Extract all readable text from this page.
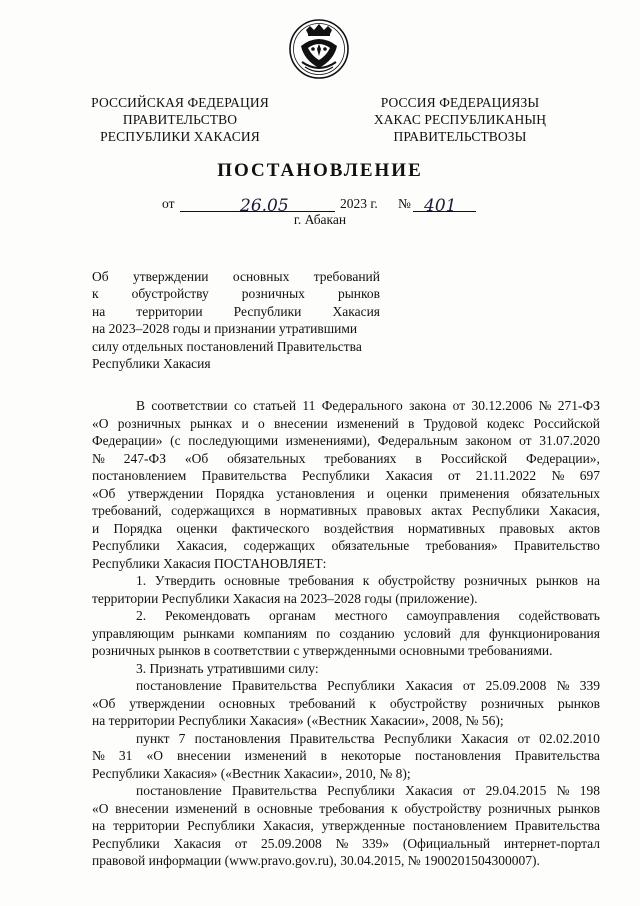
РОССИЙСКАЯ ФЕДЕРАЦИЯ
ПРАВИТЕЛЬСТВО
РЕСПУБЛИКИ ХАКАСИЯ
РОССИЯ ФЕДЕРАЦИЯЗЫ
ХАКАС РЕСПУБЛИКАНЫҢ
ПРАВИТЕЛЬСТВОЗЫ
ПОСТАНОВЛЕНИЕ
от	26.05	2023 г. № 401
г. Абакан
Об утверждении основных требований
к обустройству розничных рынков
на территории Республики Хакасия
на 2023–2028 годы и признании утратившими
силу отдельных постановлений Правительства
Республики Хакасия
В соответствии со статьей 11 Федерального закона от 30.12.2006 № 271-ФЗ
«О розничных рынках и о внесении изменений в Трудовой кодекс Российской
Федерации» (с последующими изменениями), Федеральным законом от 31.07.2020
№ 247-ФЗ «Об обязательных требованиях в Российской Федерации»,
постановлением Правительства Республики Хакасия от 21.11.2022 № 697
«Об утверждении Порядка установления и оценки применения обязательных
требований, содержащихся в нормативных правовых актах Республики Хакасия,
и Порядка оценки фактического воздействия нормативных правовых актов
Республики Хакасия, содержащих обязательные требования» Правительство
Республики Хакасия ПОСТАНОВЛЯЕТ:
1. Утвердить основные требования к обустройству розничных рынков на
территории Республики Хакасия на 2023–2028 годы (приложение).
2. Рекомендовать органам местного самоуправления содействовать
управляющим рынками компаниям по созданию условий для функционирования
розничных рынков в соответствии с утвержденными основными требованиями.
3. Признать утратившими силу:
постановление Правительства Республики Хакасия от 25.09.2008 № 339
«Об утверждении основных требований к обустройству розничных рынков
на территории Республики Хакасия» («Вестник Хакасии», 2008, № 56);
пункт 7 постановления Правительства Республики Хакасия от 02.02.2010
№ 31 «О внесении изменений в некоторые постановления Правительства
Республики Хакасия» («Вестник Хакасии», 2010, № 8);
постановление Правительства Республики Хакасия от 29.04.2015 № 198
«О внесении изменений в основные требования к обустройству розничных рынков
на территории Республики Хакасия, утвержденные постановлением Правительства
Республики Хакасия от 25.09.2008 № 339» (Официальный интернет-портал
правовой информации (www.pravo.gov.ru), 30.04.2015, № 1900201504300007).
